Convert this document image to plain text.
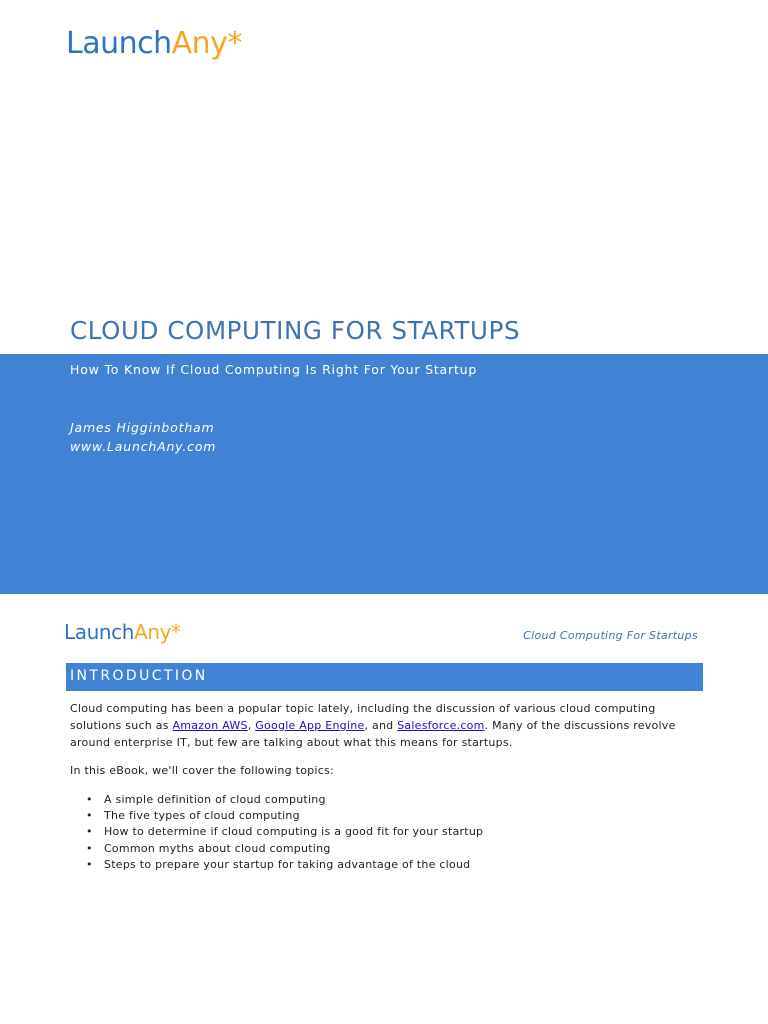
LaunchAny*
CLOUD COMPUTING FOR STARTUPS
How To Know If Cloud Computing Is Right For Your Startup
James Higginbotham
www.LaunchAny.com
LaunchAny*	Cloud Computing For Startups
INTRODUCTION
Cloud computing has been a popular topic lately, including the discussion of various cloud computing solutions such as Amazon AWS, Google App Engine, and Salesforce.com. Many of the discussions revolve around enterprise IT, but few are talking about what this means for startups.
In this eBook, we'll cover the following topics:
• A simple definition of cloud computing
• The five types of cloud computing
• How to determine if cloud computing is a good fit for your startup
• Common myths about cloud computing
• Steps to prepare your startup for taking advantage of the cloud
